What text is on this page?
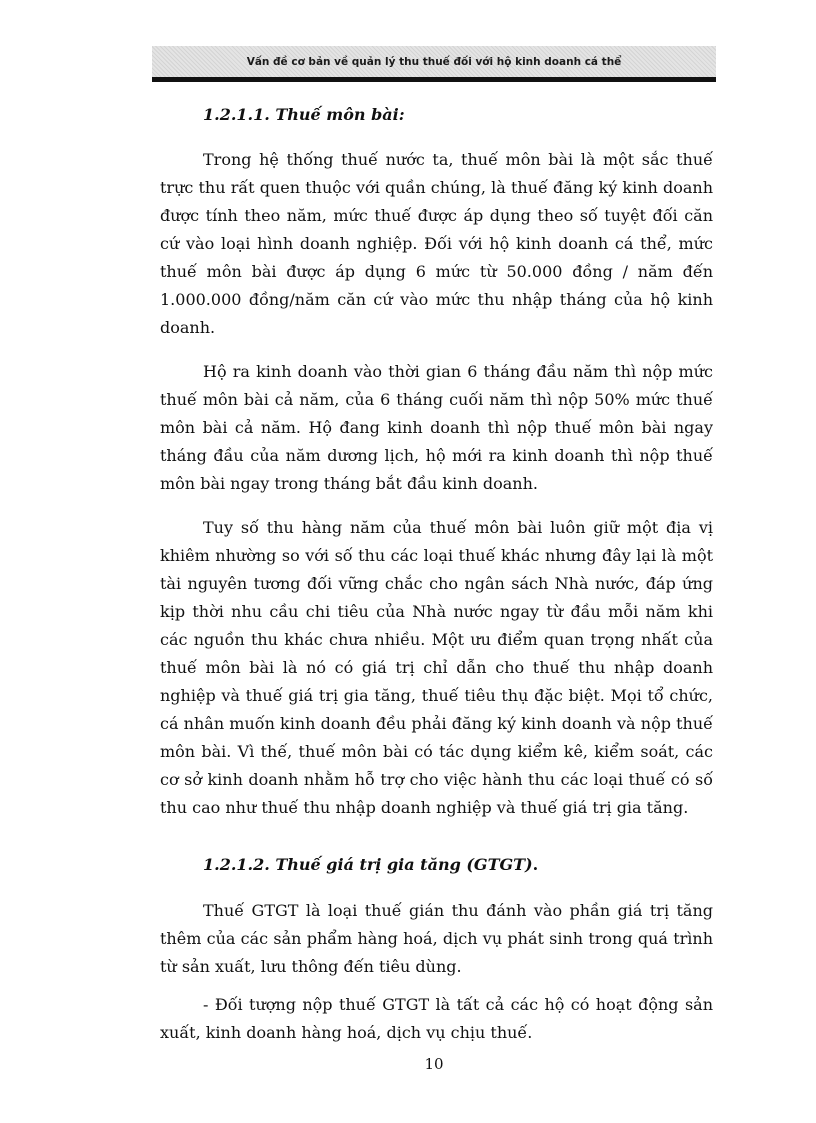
Vấn đề cơ bản về quản lý thu thuế đối với hộ kinh doanh cá thể
1.2.1.1. Thuế môn bài:

Trong hệ thống thuế nước ta, thuế môn bài là một sắc thuế trực thu rất quen thuộc với quần chúng, là thuế đăng ký kinh doanh được tính theo năm, mức thuế được áp dụng theo số tuyệt đối căn cứ vào loại hình doanh nghiệp. Đối với hộ kinh doanh cá thể, mức thuế môn bài được áp dụng 6 mức từ 50.000 đồng / năm đến 1.000.000 đồng/năm căn cứ vào mức thu nhập tháng của hộ kinh doanh.

Hộ ra kinh doanh vào thời gian 6 tháng đầu năm thì nộp mức thuế môn bài cả năm, của 6 tháng cuối năm thì nộp 50% mức thuế môn bài cả năm. Hộ đang kinh doanh thì nộp thuế môn bài ngay tháng đầu của năm dương lịch, hộ mới ra kinh doanh thì nộp thuế môn bài ngay trong tháng bắt đầu kinh doanh.

Tuy số thu hàng năm của thuế môn bài luôn giữ một địa vị khiêm nhường so với số thu các loại thuế khác nhưng đây lại là một tài nguyên tương đối vững chắc cho ngân sách Nhà nước, đáp ứng kịp thời nhu cầu chi tiêu của Nhà nước ngay từ đầu mỗi năm khi các nguồn thu khác chưa nhiều. Một ưu điểm quan trọng nhất của thuế môn bài là nó có giá trị chỉ dẫn cho thuế thu nhập doanh nghiệp và thuế giá trị gia tăng, thuế tiêu thụ đặc biệt. Mọi tổ chức, cá nhân muốn kinh doanh đều phải đăng ký kinh doanh và nộp thuế môn bài. Vì thế, thuế môn bài có tác dụng kiểm kê, kiểm soát, các cơ sở kinh doanh nhằm hỗ trợ cho việc hành thu các loại thuế có số thu cao như thuế thu nhập doanh nghiệp và thuế giá trị gia tăng.

1.2.1.2. Thuế giá trị gia tăng (GTGT).

Thuế GTGT là loại thuế gián thu đánh vào phần giá trị tăng thêm của các sản phẩm hàng hoá, dịch vụ phát sinh trong quá trình từ sản xuất, lưu thông đến tiêu dùng.

- Đối tượng nộp thuế GTGT là tất cả các hộ có hoạt động sản xuất, kinh doanh hàng hoá, dịch vụ chịu thuế.

10
